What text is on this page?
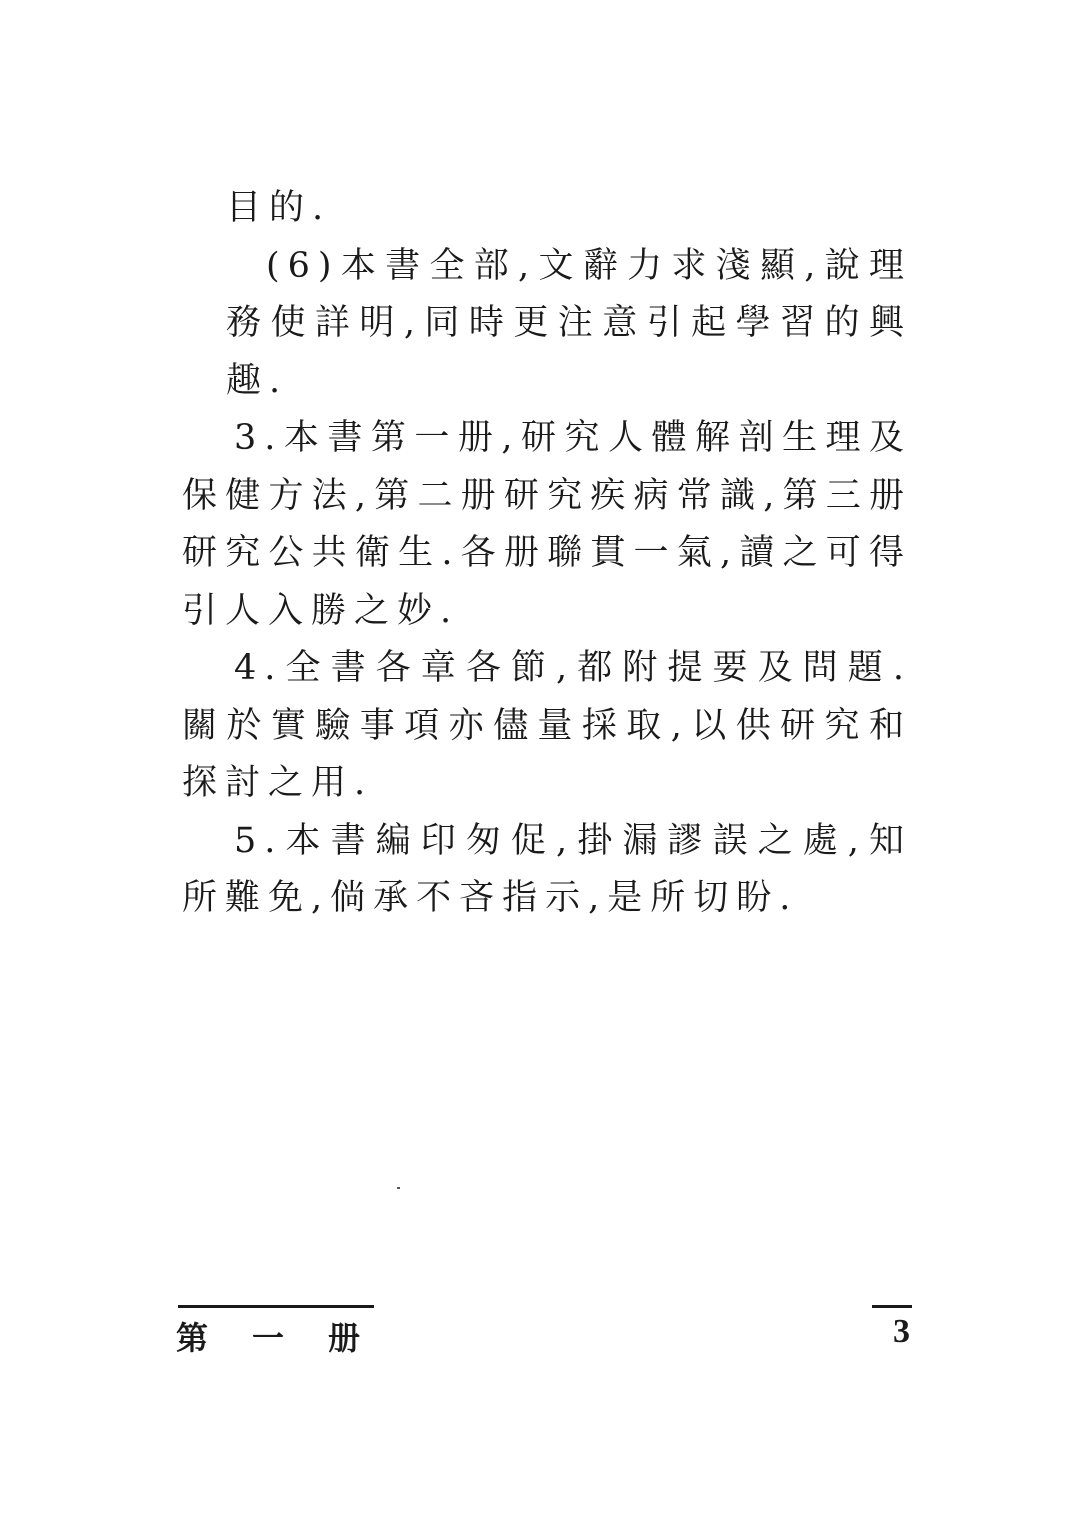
目的.

(6)本書全部,文辭力求淺顯,說理務使詳明,同時更注意引起學習的興趣.

3.本書第一册,研究人體解剖生理及保健方法,第二册研究疾病常識,第三册研究公共衛生.各册聯貫一氣,讀之可得引人入勝之妙.

4.全書各章各節,都附提要及問題.關於實驗事項亦儘量採取,以供研究和探討之用.

5.本書編印匆促,掛漏謬誤之處,知所難免,倘承不吝指示,是所切盼.

第一册	3
